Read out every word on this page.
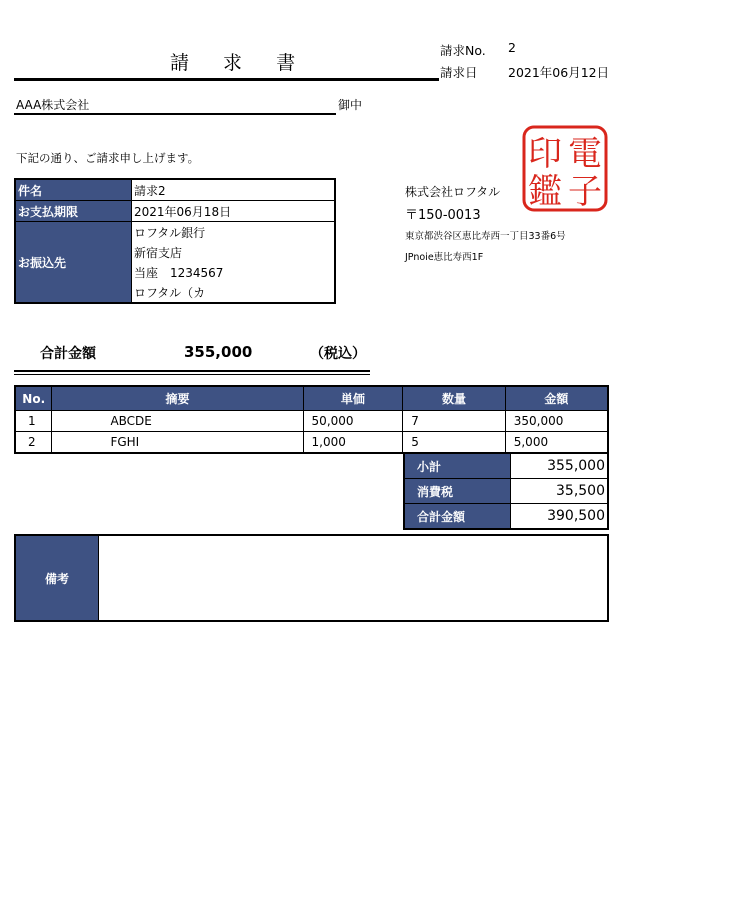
請 求 書
請求No. 2
請求日 2021年06月12日
AAA株式会社	御中
下記の通り、ご請求申し上げます。
件名	請求2
お支払期限	2021年06月18日
お振込先	ロフタル銀行
	新宿支店
	当座　1234567
	ロフタル（カ
株式会社ロフタル
〒150-0013
東京都渋谷区恵比寿西一丁目33番6号
JPnoie恵比寿西1F
電
子
印
鑑
合計金額	355,000	（税込）
No.	摘要	単価	数量	金額
1	ABCDE	50,000	7	350,000
2	FGHI	1,000	5	5,000
小計	355,000
消費税	35,500
合計金額	390,500
備考
